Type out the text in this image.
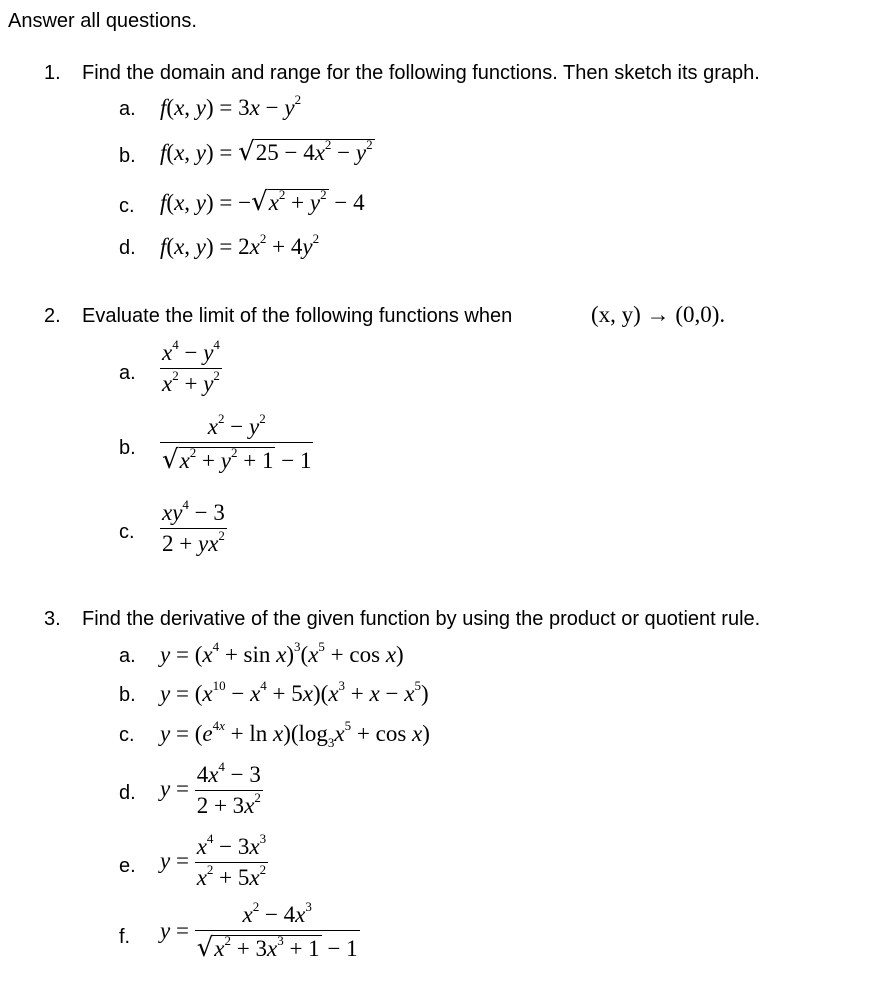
Answer all questions.
1. Find the domain and range for the following functions. Then sketch its graph.
a. f(x, $y) = 3x - y^2$
b. f(x, $y) = √25 - 4x^2 - y^2$
c. f(x, $y) = -√x^2 + y^2 - 4$
d. f(x, $y) = 2x^2 + 4y^2$
2. Evaluate the limit of the following functions when	(x, y) → (0,0).
a. $\frac{x^4 - y^4}{x^2 + y^2}$
b. $\frac{x^2 - y^2}{√x^2 + y^2 + 1 - 1}$
c. $\frac{xy^4 - 3}{2 + yx^2}$
3. Find the derivative of the given function by using the product or quotient rule.
a. $y = (x^4 + \sin x)^3(x^5 + \cos x)$
b. $y = (x^{10} - x^4 + 5x)(x^3 + x - x^5)$
c. $y = (e^{4x} + \ln x)(\log_3x^5 + \cos x)$
d. $y = \frac{4x^4 - 3}{2 + 3x^2}$
e. $y = \frac{x^4 - 3x^3}{x^2 + 5x^2}$
f. $y = \frac{x^2 - 4x^3}{√x^2 + 3x^3 + 1 - 1}$
